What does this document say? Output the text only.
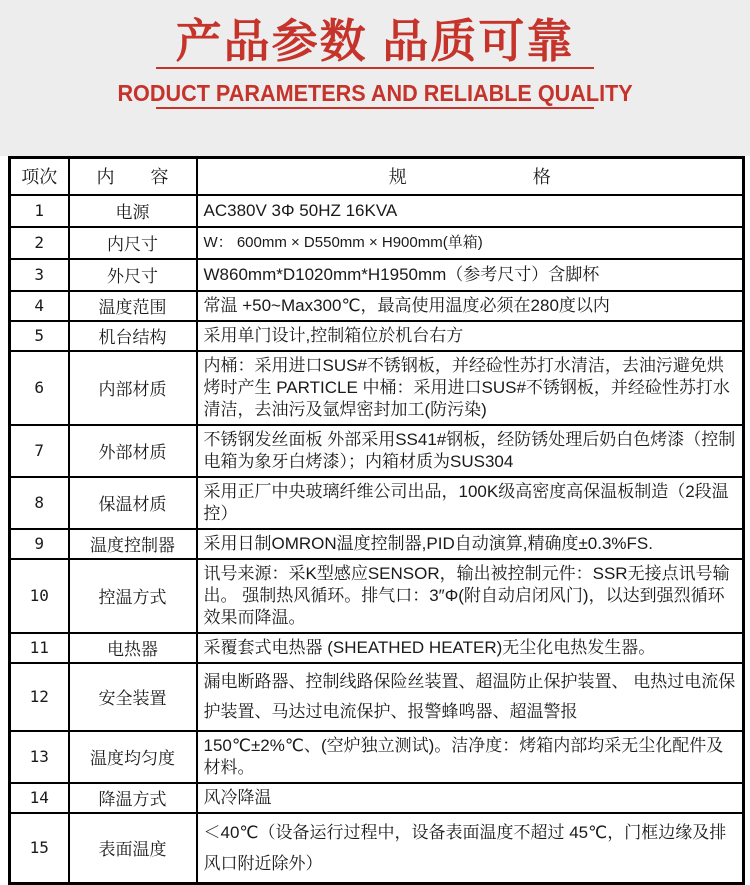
产品参数 品质可靠
RODUCT PARAMETERS AND RELIABLE QUALITY
项次	内　　容	规　　　　　　　格
1	电源	AC380V 3Φ 50HZ 16KVA
2	内尺寸	W： 600mm × D550mm × H900mm(单箱)
3	外尺寸	W860mm*D1020mm*H1950mm（参考尺寸）含脚杯
4	温度范围	常温 +50~Max300℃，最高使用温度必须在280度以内
5	机台结构	采用单门设计,控制箱位於机台右方
6	内部材质	内桶：采用进口SUS#不锈钢板，并经硷性苏打水清洁，去油污避免烘烤时产生 PARTICLE 中桶：采用进口SUS#不锈钢板，并经硷性苏打水清洁，去油污及氩焊密封加工(防污染)
7	外部材质	不锈钢发丝面板 外部采用SS41#钢板，经防锈处理后奶白色烤漆（控制电箱为象牙白烤漆）；内箱材质为SUS304
8	保温材质	采用正厂中央玻璃纤维公司出品，100K级高密度高保温板制造（2段温控）
9	温度控制器	采用日制OMRON温度控制器,PID自动演算,精确度±0.3%FS.
10	控温方式	讯号来源：采K型感应SENSOR，输出被控制元件：SSR无接点讯号输出。 强制热风循环。排气口：3″Φ(附自动启闭风门)，以达到强烈循环效果而降温。
11	电热器	采覆套式电热器 (SHEATHED HEATER)无尘化电热发生器。
12	安全装置	漏电断路器、控制线路保险丝装置、超温防止保护装置、 电热过电流保护装置、马达过电流保护、报警蜂鸣器、超温警报
13	温度均匀度	150℃±2%℃、(空炉独立测试)。洁净度：烤箱内部均采无尘化配件及材料。
14	降温方式	风冷降温
15	表面温度	＜40℃（设备运行过程中，设备表面温度不超过 45℃，门框边缘及排风口附近除外）
